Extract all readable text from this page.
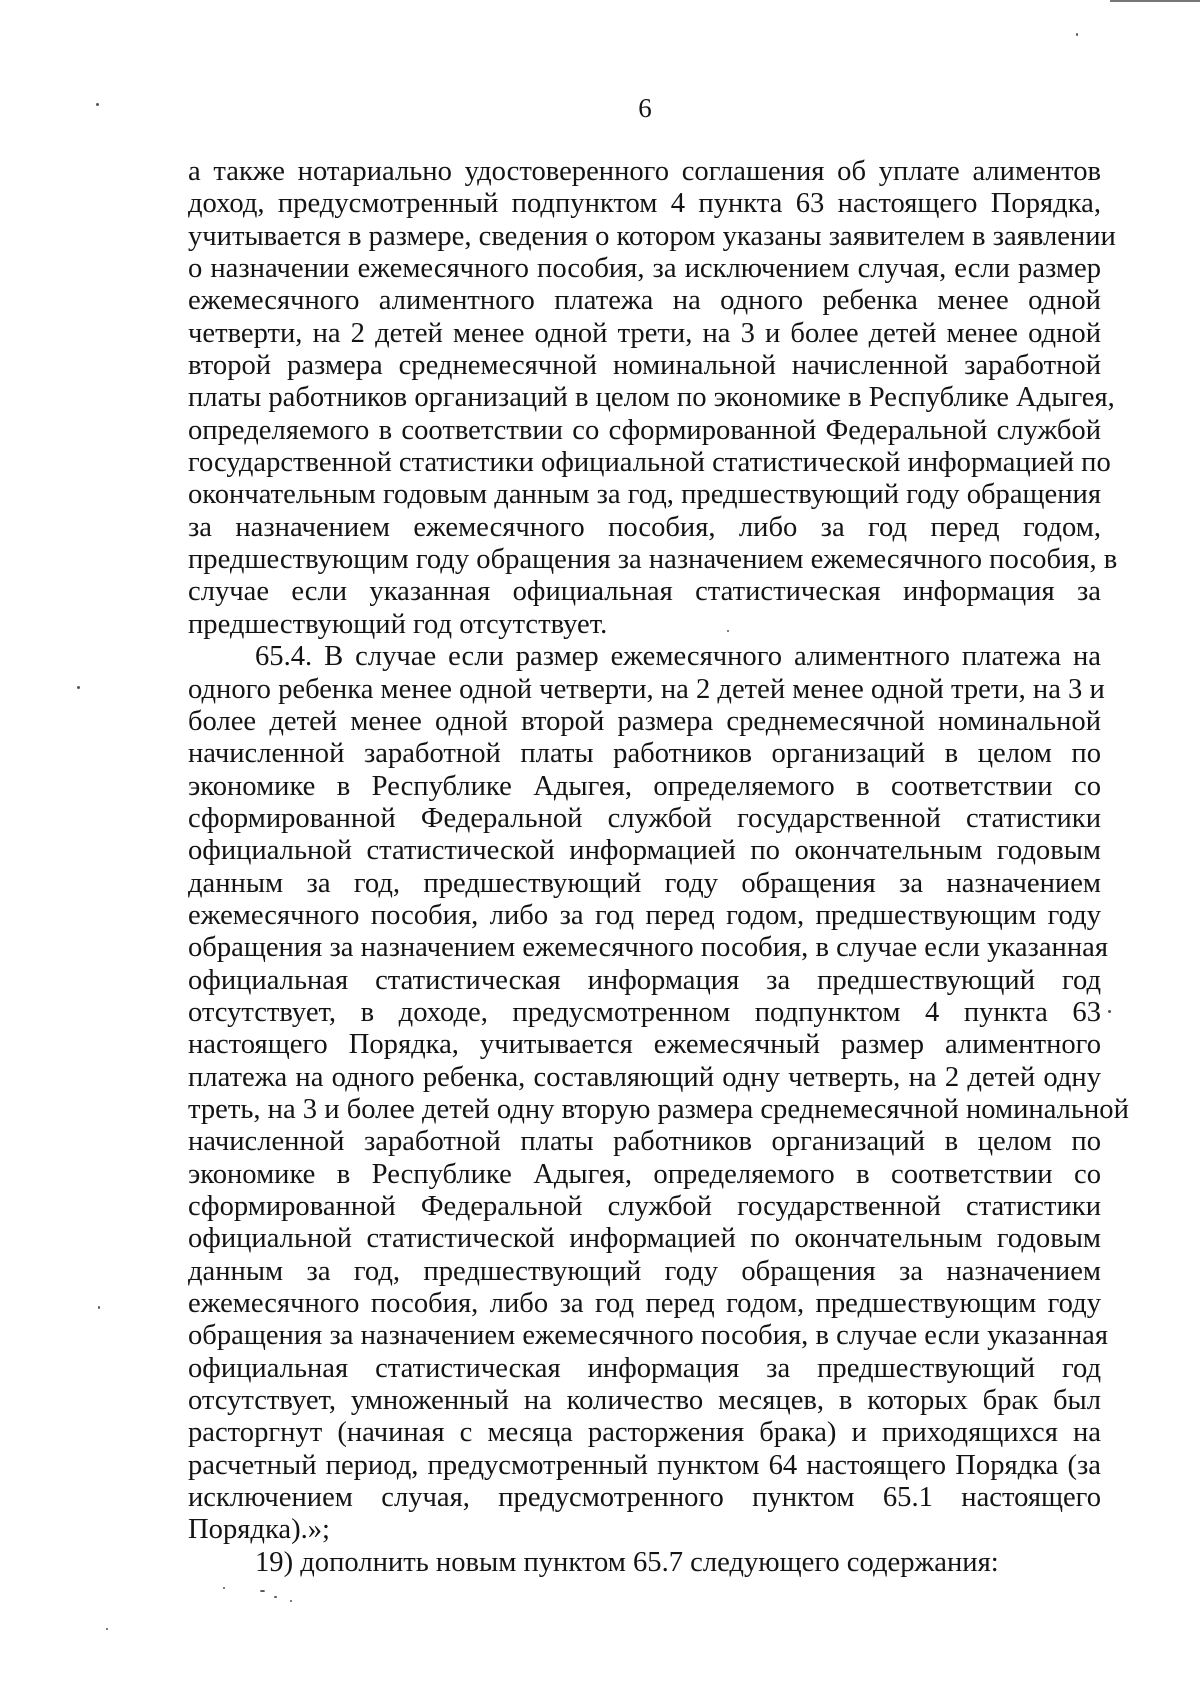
6
а также нотариально удостоверенного соглашения об уплате алиментов
доход, предусмотренный подпунктом 4 пункта 63 настоящего Порядка,
учитывается в размере, сведения о котором указаны заявителем в заявлении
о назначении ежемесячного пособия, за исключением случая, если размер
ежемесячного алиментного платежа на одного ребенка менее одной
четверти, на 2 детей менее одной трети, на 3 и более детей менее одной
второй размера среднемесячной номинальной начисленной заработной
платы работников организаций в целом по экономике в Республике Адыгея,
определяемого в соответствии со сформированной Федеральной службой
государственной статистики официальной статистической информацией по
окончательным годовым данным за год, предшествующий году обращения
за назначением ежемесячного пособия, либо за год перед годом,
предшествующим году обращения за назначением ежемесячного пособия, в
случае если указанная официальная статистическая информация за
предшествующий год отсутствует.
65.4. В случае если размер ежемесячного алиментного платежа на
одного ребенка менее одной четверти, на 2 детей менее одной трети, на 3 и
более детей менее одной второй размера среднемесячной номинальной
начисленной заработной платы работников организаций в целом по
экономике в Республике Адыгея, определяемого в соответствии со
сформированной Федеральной службой государственной статистики
официальной статистической информацией по окончательным годовым
данным за год, предшествующий году обращения за назначением
ежемесячного пособия, либо за год перед годом, предшествующим году
обращения за назначением ежемесячного пособия, в случае если указанная
официальная статистическая информация за предшествующий год
отсутствует, в доходе, предусмотренном подпунктом 4 пункта 63
настоящего Порядка, учитывается ежемесячный размер алиментного
платежа на одного ребенка, составляющий одну четверть, на 2 детей одну
треть, на 3 и более детей одну вторую размера среднемесячной номинальной
начисленной заработной платы работников организаций в целом по
экономике в Республике Адыгея, определяемого в соответствии со
сформированной Федеральной службой государственной статистики
официальной статистической информацией по окончательным годовым
данным за год, предшествующий году обращения за назначением
ежемесячного пособия, либо за год перед годом, предшествующим году
обращения за назначением ежемесячного пособия, в случае если указанная
официальная статистическая информация за предшествующий год
отсутствует, умноженный на количество месяцев, в которых брак был
расторгнут (начиная с месяца расторжения брака) и приходящихся на
расчетный период, предусмотренный пунктом 64 настоящего Порядка (за
исключением случая, предусмотренного пунктом 65.1 настоящего
Порядка).»;
19) дополнить новым пунктом 65.7 следующего содержания:
